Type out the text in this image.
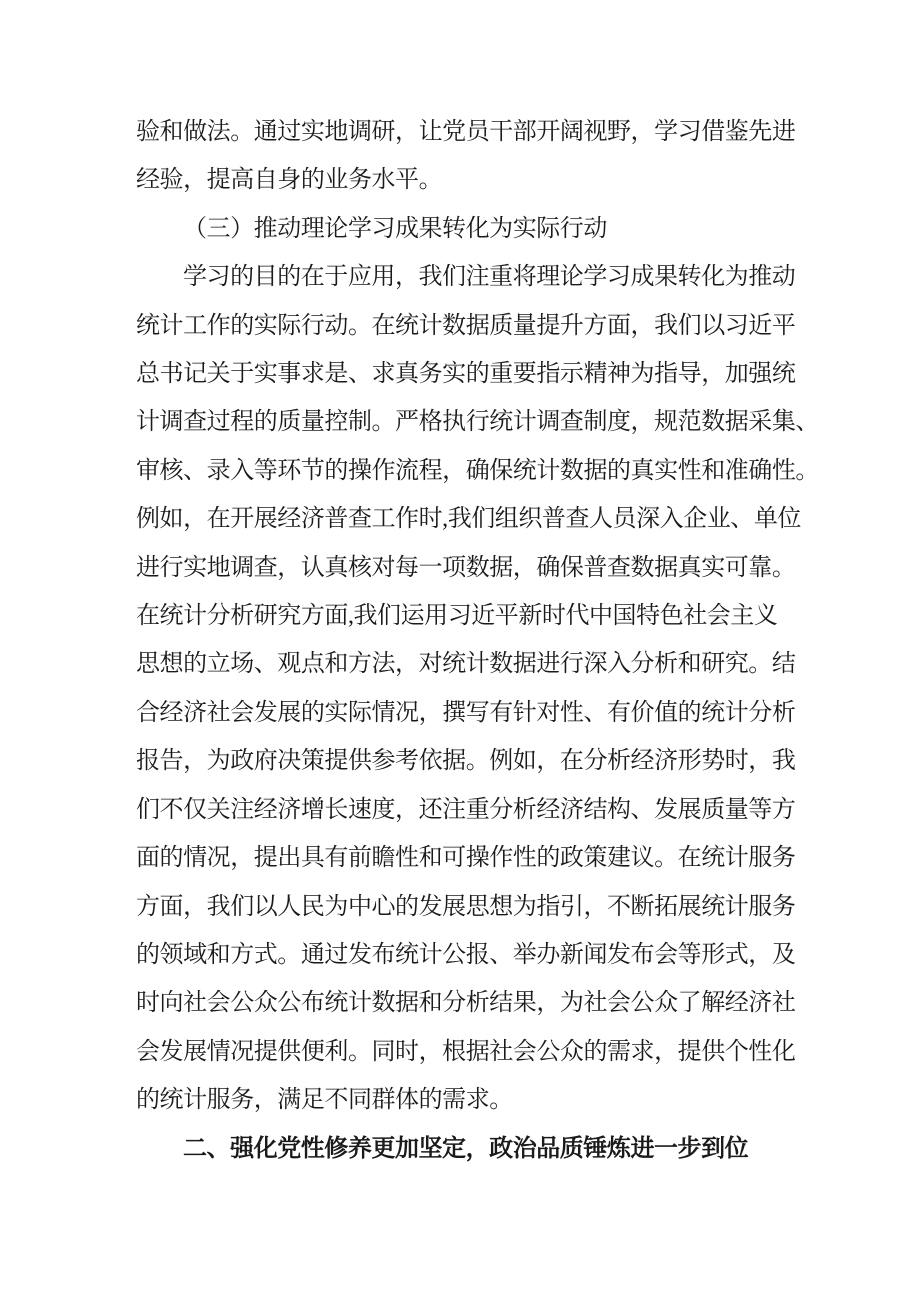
验和做法。通过实地调研，让党员干部开阔视野，学习借鉴先进
经验，提高自身的业务水平。
（三）推动理论学习成果转化为实际行动
学习的目的在于应用，我们注重将理论学习成果转化为推动
统计工作的实际行动。在统计数据质量提升方面，我们以习近平
总书记关于实事求是、求真务实的重要指示精神为指导，加强统
计调查过程的质量控制。严格执行统计调查制度，规范数据采集、
审核、录入等环节的操作流程，确保统计数据的真实性和准确性。
例如，在开展经济普查工作时,我们组织普查人员深入企业、单位
进行实地调查，认真核对每一项数据，确保普查数据真实可靠。
在统计分析研究方面,我们运用习近平新时代中国特色社会主义
思想的立场、观点和方法，对统计数据进行深入分析和研究。结
合经济社会发展的实际情况，撰写有针对性、有价值的统计分析
报告，为政府决策提供参考依据。例如，在分析经济形势时，我
们不仅关注经济增长速度，还注重分析经济结构、发展质量等方
面的情况，提出具有前瞻性和可操作性的政策建议。在统计服务
方面，我们以人民为中心的发展思想为指引，不断拓展统计服务
的领域和方式。通过发布统计公报、举办新闻发布会等形式，及
时向社会公众公布统计数据和分析结果，为社会公众了解经济社
会发展情况提供便利。同时，根据社会公众的需求，提供个性化
的统计服务，满足不同群体的需求。
二、强化党性修养更加坚定，政治品质锤炼进一步到位
